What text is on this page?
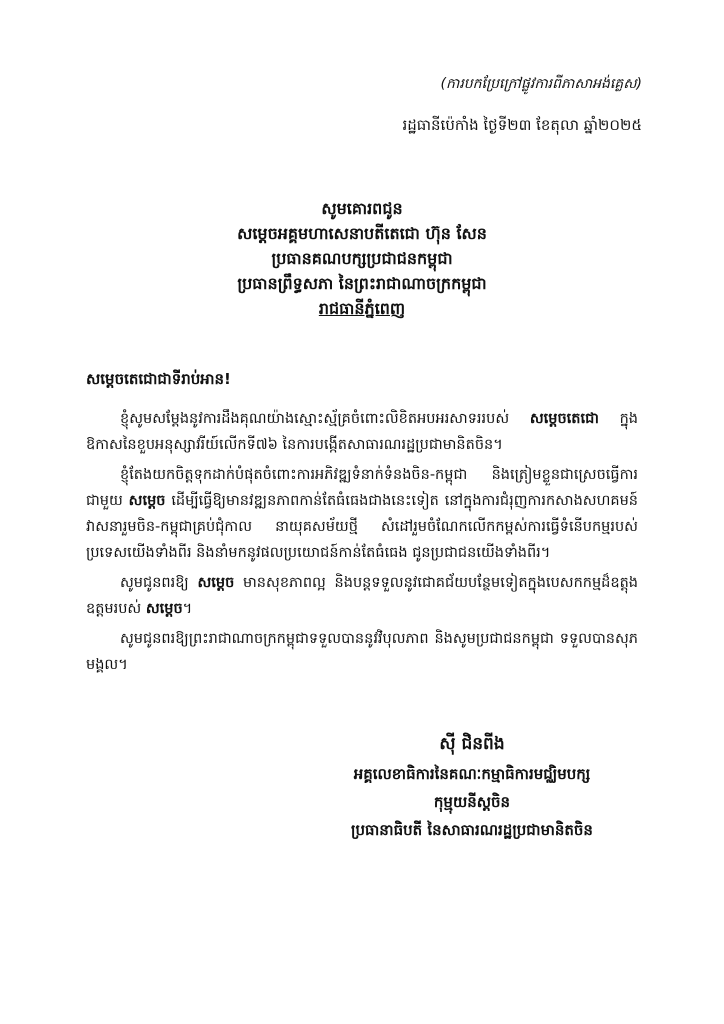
(ការបកប្រែក្រៅផ្លូវការពីភាសាអង់គ្លេស)
រដ្ឋធានីប៉េកាំង ថ្ងៃទី២៣ ខែតុលា ឆ្នាំ២០២៥
សូមគោរពជូន
សម្ដេចអគ្គមហាសេនាបតីតេជោ ហ៊ុន សែន
ប្រធានគណបក្សប្រជាជនកម្ពុជា
ប្រធានព្រឹទ្ធសភា នៃព្រះរាជាណាចក្រកម្ពុជា
រាជធានីភ្នំពេញ
សម្ដេចតេជោជាទីរាប់អាន!

ខ្ញុំសូមសម្ដែងនូវការដឹងគុណយ៉ាងស្មោះស្ម័គ្រចំពោះលិខិតអបអរសាទររបស់ សម្ដេចតេជោ ក្នុងឱកាសនៃខួបអនុស្សាវរីយ៍លើកទី៧៦ នៃការបង្កើតសាធារណរដ្ឋប្រជាមានិតចិន។

ខ្ញុំតែងយកចិត្តទុកដាក់បំផុតចំពោះការអភិវឌ្ឍទំនាក់ទំនងចិន-កម្ពុជា និងត្រៀមខ្លួនជាស្រេចធ្វើការជាមួយ សម្ដេច ដើម្បីធ្វើឱ្យមានវឌ្ឍនភាពកាន់តែធំធេងជាងនេះទៀត នៅក្នុងការជំរុញការកសាងសហគមន៍វាសនារួមចិន-កម្ពុជាគ្រប់ជុំកាល នាយុគសម័យថ្មី សំដៅរួមចំណែកលើកកម្ពស់ការធ្វើទំនើបកម្មរបស់ប្រទេសយើងទាំងពីរ និងនាំមកនូវផលប្រយោជន៍កាន់តែធំធេង ជូនប្រជាជនយើងទាំងពីរ។

សូមជូនពរឱ្យ សម្ដេច មានសុខភាពល្អ និងបន្តទទួលនូវជោគជ័យបន្ថែមទៀតក្នុងបេសកកម្មដ៏ឧត្ដុងឧត្ដមរបស់ សម្ដេច។

សូមជូនពរឱ្យព្រះរាជាណាចក្រកម្ពុជាទទួលបាននូវវិបុលភាព និងសូមប្រជាជនកម្ពុជា ទទួលបានសុភមង្គល។

ស៊ី ជិនពីង
អគ្គលេខាធិការនៃគណៈកម្មាធិការមជ្ឈិមបក្ស
កុម្មុយនីស្តចិន
ប្រធានាធិបតី នៃសាធារណរដ្ឋប្រជាមានិតចិន
